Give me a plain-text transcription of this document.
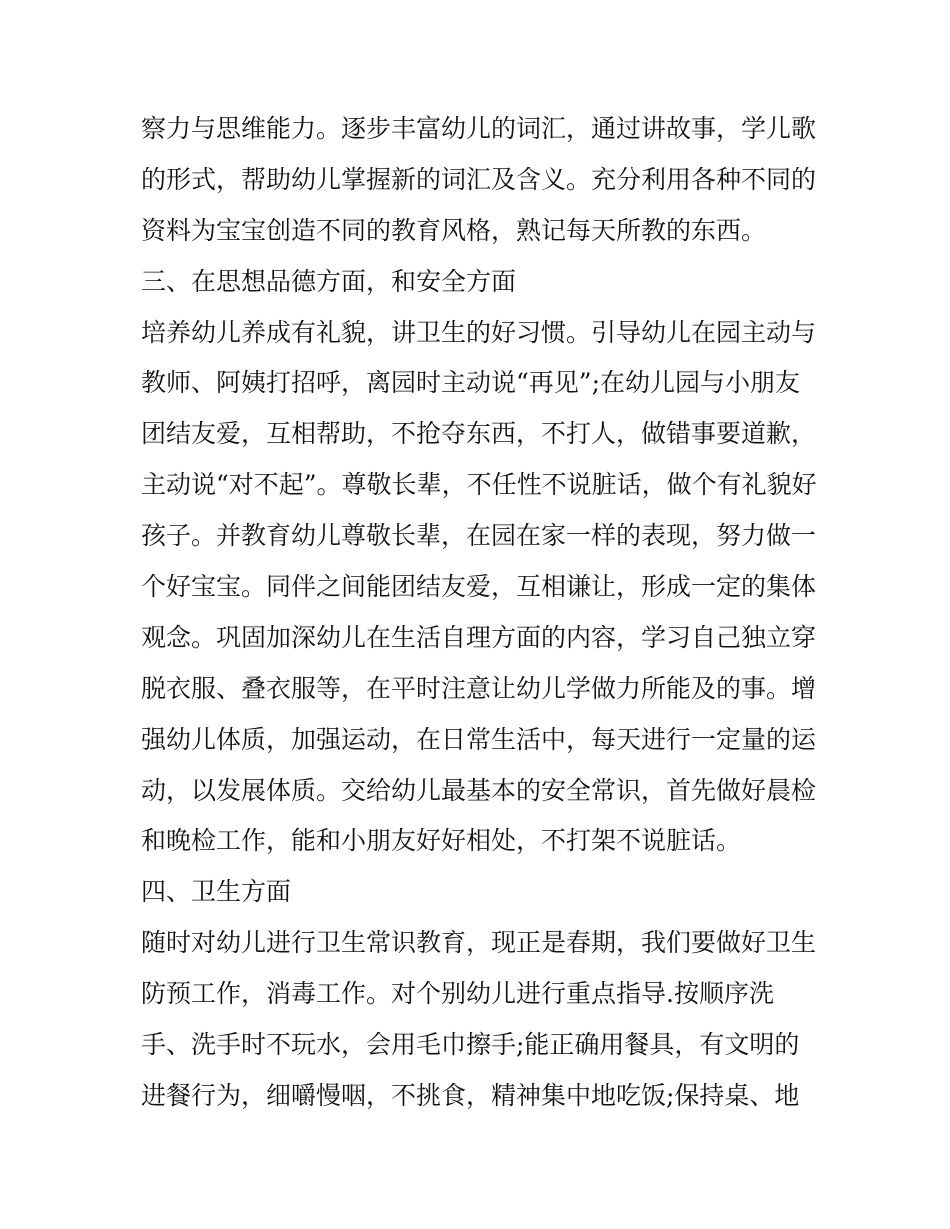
察力与思维能力。逐步丰富幼儿的词汇，通过讲故事，学儿歌
的形式，帮助幼儿掌握新的词汇及含义。充分利用各种不同的
资料为宝宝创造不同的教育风格，熟记每天所教的东西。
三、在思想品德方面，和安全方面
培养幼儿养成有礼貌，讲卫生的好习惯。引导幼儿在园主动与
教师、阿姨打招呼，离园时主动说“再见”;在幼儿园与小朋友
团结友爱，互相帮助，不抢夺东西，不打人，做错事要道歉，
主动说“对不起”。尊敬长辈，不任性不说脏话，做个有礼貌好
孩子。并教育幼儿尊敬长辈，在园在家一样的表现，努力做一
个好宝宝。同伴之间能团结友爱，互相谦让，形成一定的集体
观念。巩固加深幼儿在生活自理方面的内容，学习自己独立穿
脱衣服、叠衣服等，在平时注意让幼儿学做力所能及的事。增
强幼儿体质，加强运动，在日常生活中，每天进行一定量的运
动，以发展体质。交给幼儿最基本的安全常识，首先做好晨检
和晚检工作，能和小朋友好好相处，不打架不说脏话。
四、卫生方面
随时对幼儿进行卫生常识教育，现正是春期，我们要做好卫生
防预工作，消毒工作。对个别幼儿进行重点指导.按顺序洗
手、洗手时不玩水，会用毛巾擦手;能正确用餐具，有文明的
进餐行为，细嚼慢咽，不挑食，精神集中地吃饭;保持桌、地
